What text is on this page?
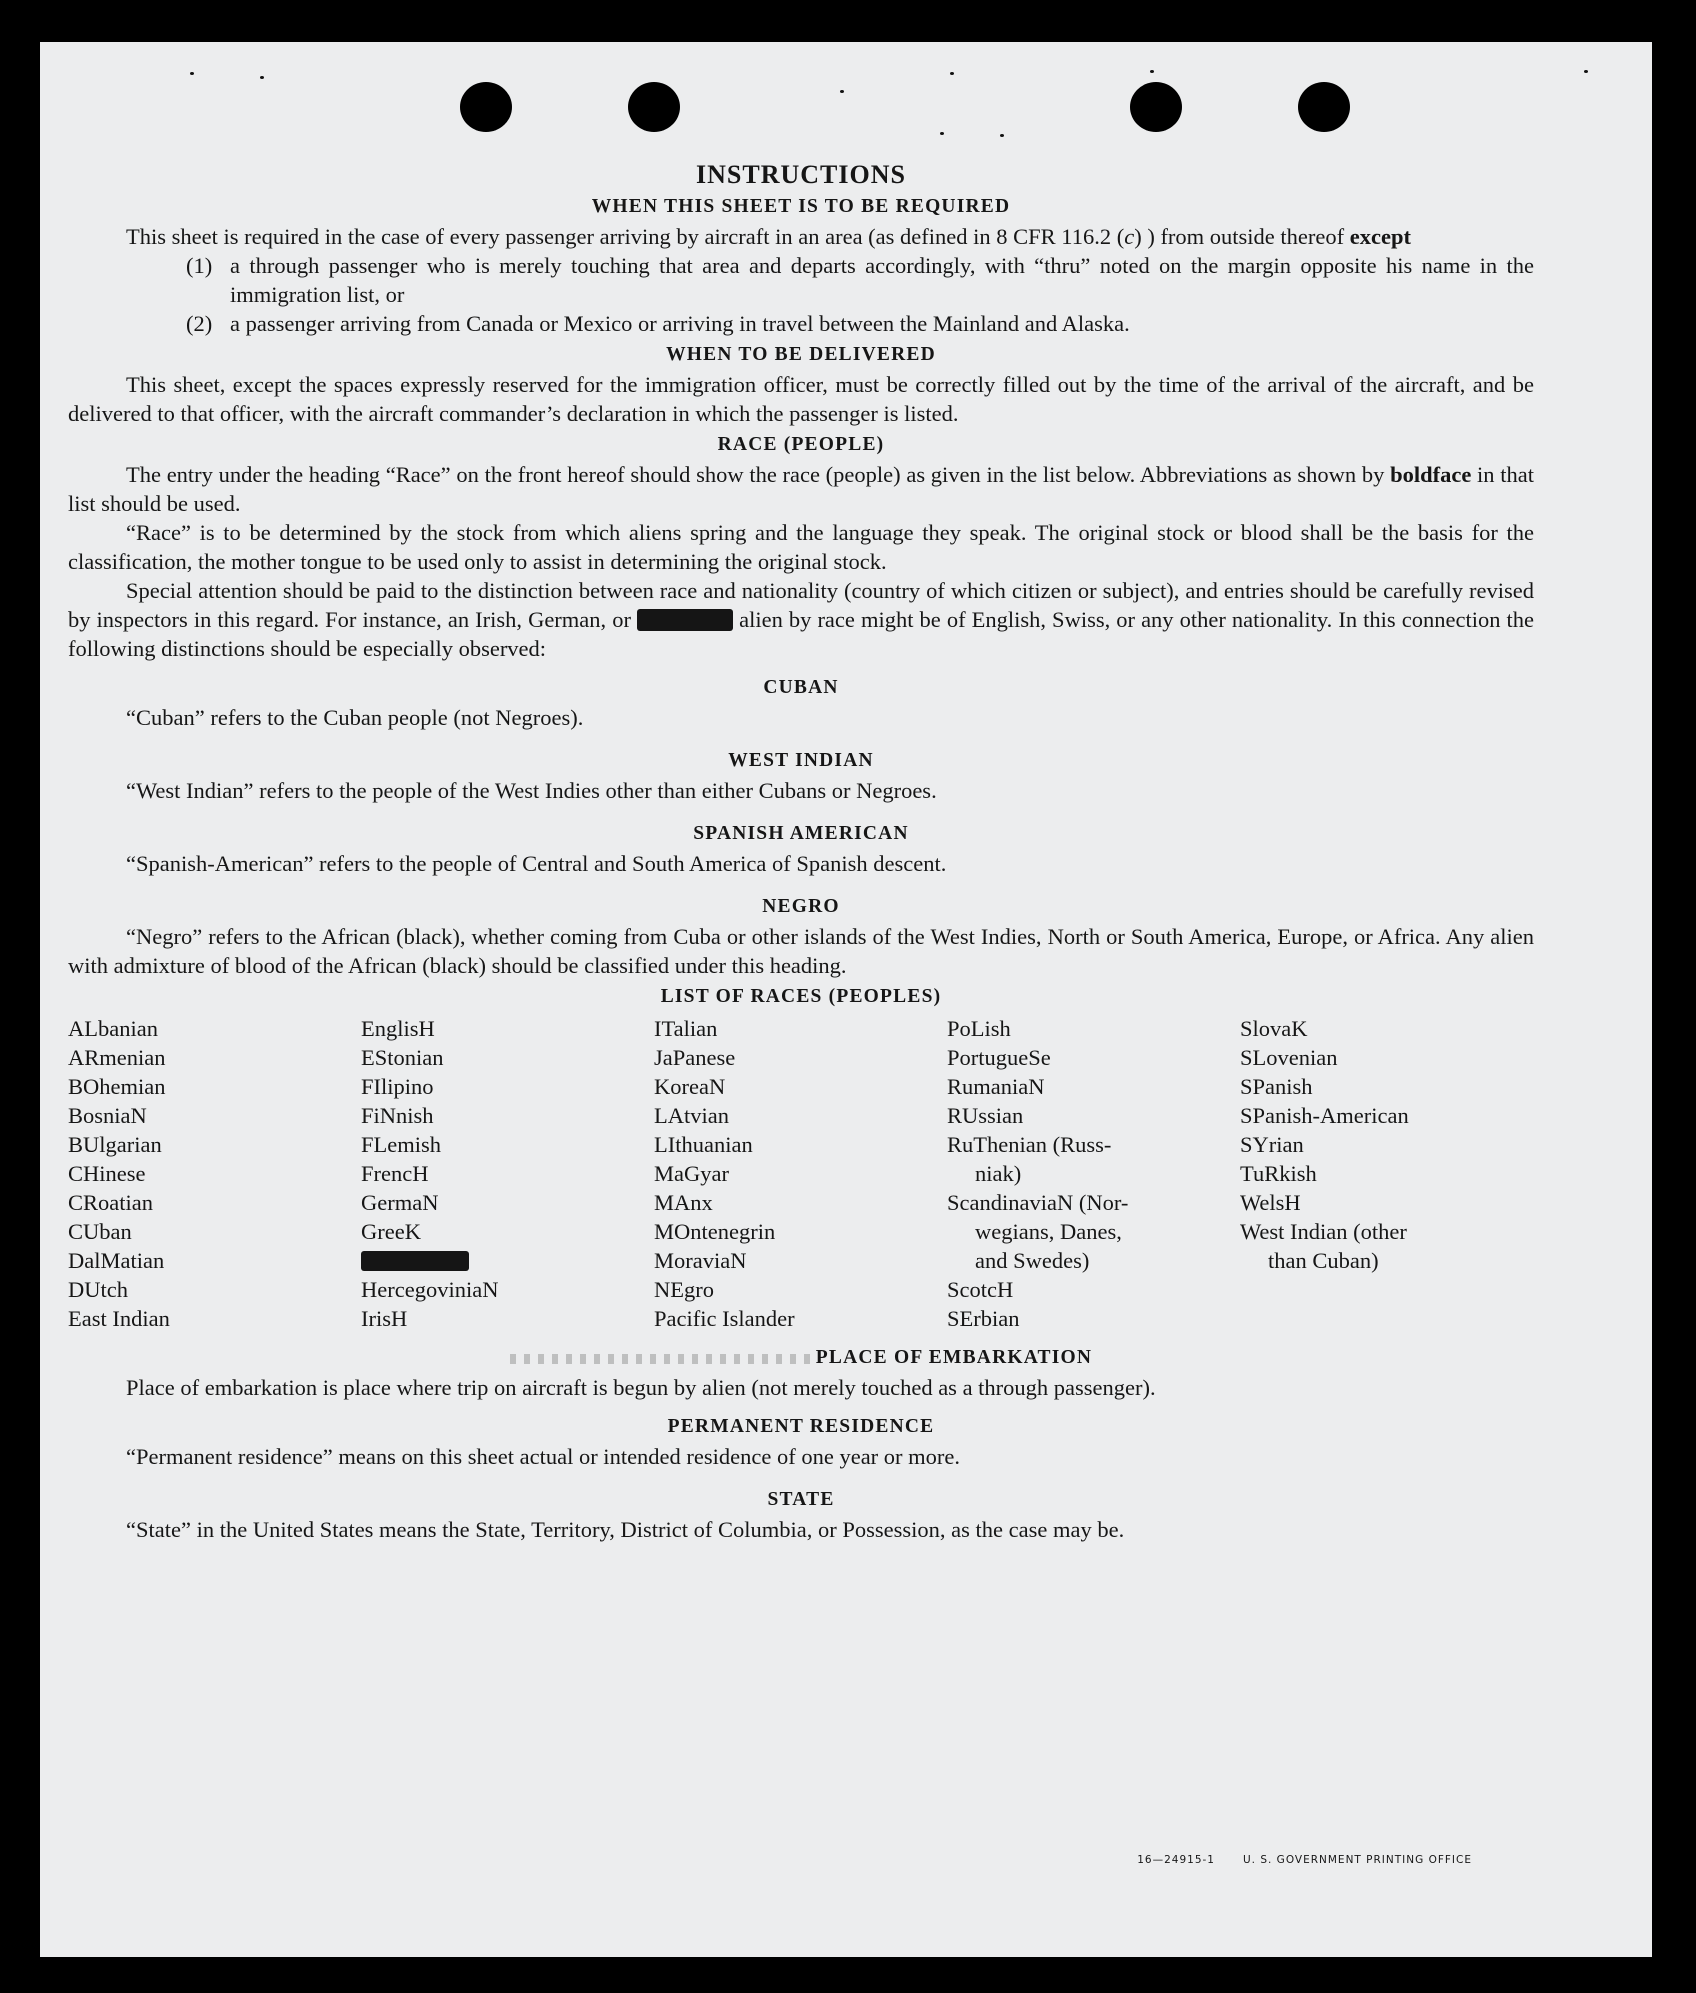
INSTRUCTIONS
WHEN THIS SHEET IS TO BE REQUIRED

This sheet is required in the case of every passenger arriving by aircraft in an area (as defined in 8 CFR 116.2 (c) ) from outside thereof except

(1) a through passenger who is merely touching that area and departs accordingly, with “thru” noted on the margin opposite his name in the immigration list, or
(2) a passenger arriving from Canada or Mexico or arriving in travel between the Mainland and Alaska.
WHEN TO BE DELIVERED

This sheet, except the spaces expressly reserved for the immigration officer, must be correctly filled out by the time of the arrival of the aircraft, and be delivered to that officer, with the aircraft commander’s declaration in which the passenger is listed.

RACE (PEOPLE)

The entry under the heading “Race” on the front hereof should show the race (people) as given in the list below. Abbreviations as shown by boldface in that list should be used.

“Race” is to be determined by the stock from which aliens spring and the language they speak. The original stock or blood shall be the basis for the classification, the mother tongue to be used only to assist in determining the original stock.

Special attention should be paid to the distinction between race and nationality (country of which citizen or subject), and entries should be carefully revised by inspectors in this regard. For instance, an Irish, German, or	alien by race might be of English, Swiss, or any other nationality. In this connection the following distinctions should be especially observed:

CUBAN

“Cuban” refers to the Cuban people (not Negroes).

WEST INDIAN

“West Indian” refers to the people of the West Indies other than either Cubans or Negroes.

SPANISH AMERICAN

“Spanish-American” refers to the people of Central and South America of Spanish descent.

NEGRO

“Negro” refers to the African (black), whether coming from Cuba or other islands of the West Indies, North or South America, Europe, or Africa. Any alien with admixture of blood of the African (black) should be classified under this heading.

LIST OF RACES (PEOPLES)
ALbanian
ARmenian
BOhemian
BosniaN
BUlgarian
CHinese
CRoatian
CUban
DalMatian
DUtch
East Indian
EnglisH
EStonian
FIlipino
FiNnish
FLemish
FrencH
GermaN
GreeK
HercegoviniaN
IrisH
ITalian
JaPanese
KoreaN
LAtvian
LIthuanian
MaGyar
MAnx
MOntenegrin
MoraviaN
NEgro
Pacific Islander
PoLish
PortugueSe
RumaniaN
RUssian
RuThenian (Russ-
niak)
ScandinaviaN (Nor-
wegians, Danes,
and Swedes)
ScotcH
SErbian
SlovaK
SLovenian
SPanish
SPanish-American
SYrian
TuRkish
WelsH
West Indian (other
than Cuban)
PLACE OF EMBARKATION

Place of embarkation is place where trip on aircraft is begun by alien (not merely touched as a through passenger).

PERMANENT RESIDENCE

“Permanent residence” means on this sheet actual or intended residence of one year or more.

STATE

“State” in the United States means the State, Territory, District of Columbia, or Possession, as the case may be.

16—24915-1	U. S. GOVERNMENT PRINTING OFFICE
